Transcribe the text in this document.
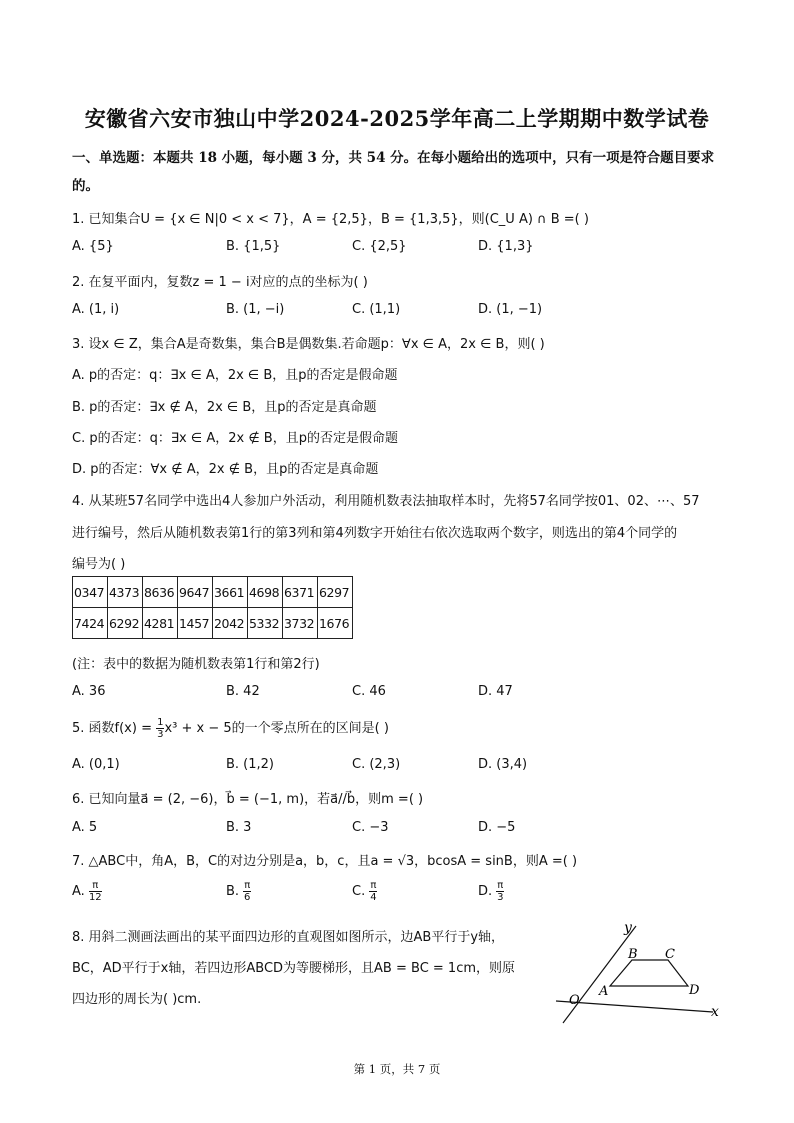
安徽省六安市独山中学2024-2025学年高二上学期期中数学试卷
一、单选题：本题共 18 小题，每小题 3 分，共 54 分。在每小题给出的选项中，只有一项是符合题目要求
的。
1. 已知集合U = {x ∈ N|0 < x < 7}，A = {2,5}，B = {1,3,5}，则(C_U A) ∩ B =( )
A. {5}	B. {1,5}	C. {2,5}	D. {1,3}
2. 在复平面内，复数z = 1 − i对应的点的坐标为( )
A. (1, i)	B. (1, −i)	C. (1,1)	D. (1, −1)
3. 设x ∈ Z，集合A是奇数集，集合B是偶数集.若命题p：∀x ∈ A，2x ∈ B，则( )
A. p的否定：q：∃x ∈ A，2x ∈ B，且p的否定是假命题
B. p的否定：∃x ∉ A，2x ∈ B，且p的否定是真命题
C. p的否定：q：∃x ∈ A，2x ∉ B，且p的否定是假命题
D. p的否定：∀x ∉ A，2x ∉ B，且p的否定是真命题
4. 从某班57名同学中选出4人参加户外活动，利用随机数表法抽取样本时，先将57名同学按01、02、⋯、57
进行编号，然后从随机数表第1行的第3列和第4列数字开始往右依次选取两个数字，则选出的第4个同学的
编号为( )
0347	4373	8636	9647	3661	4698	6371	6297
7424	6292	4281	1457	2042	5332	3732	1676
(注：表中的数据为随机数表第1行和第2行)
A. 36	B. 42	C. 46	D. 47
5. 函数$f(x) = \frac{1}{3} x^3 + x - 5$的一个零点所在的区间是( )
A. (0,1)	B. (1,2)	C. (2,3)	D. (3,4)
6. 已知向量a⃗ = (2, −6)，b⃗ = (−1, m)，若a⃗//b⃗，则m =( )
A. 5	B. 3	C. −3	D. −5
7. △ABC中，角A，B，C的对边分别是a，b，c，且a = √3，bcosA = sinB，则A =( )
A. $\frac{\pi}{12}$	B. $\frac{\pi}{6}$	C. $\frac{\pi}{4}$	D. $\frac{\pi}{3}$
8. 用斜二测画法画出的某平面四边形的直观图如图所示，边AB平行于y轴，
BC，AD平行于x轴，若四边形ABCD为等腰梯形，且AB = BC = 1cm，则原
四边形的周长为( )cm.
y
x
O
A
B C
D
第 1 页，共 7 页
